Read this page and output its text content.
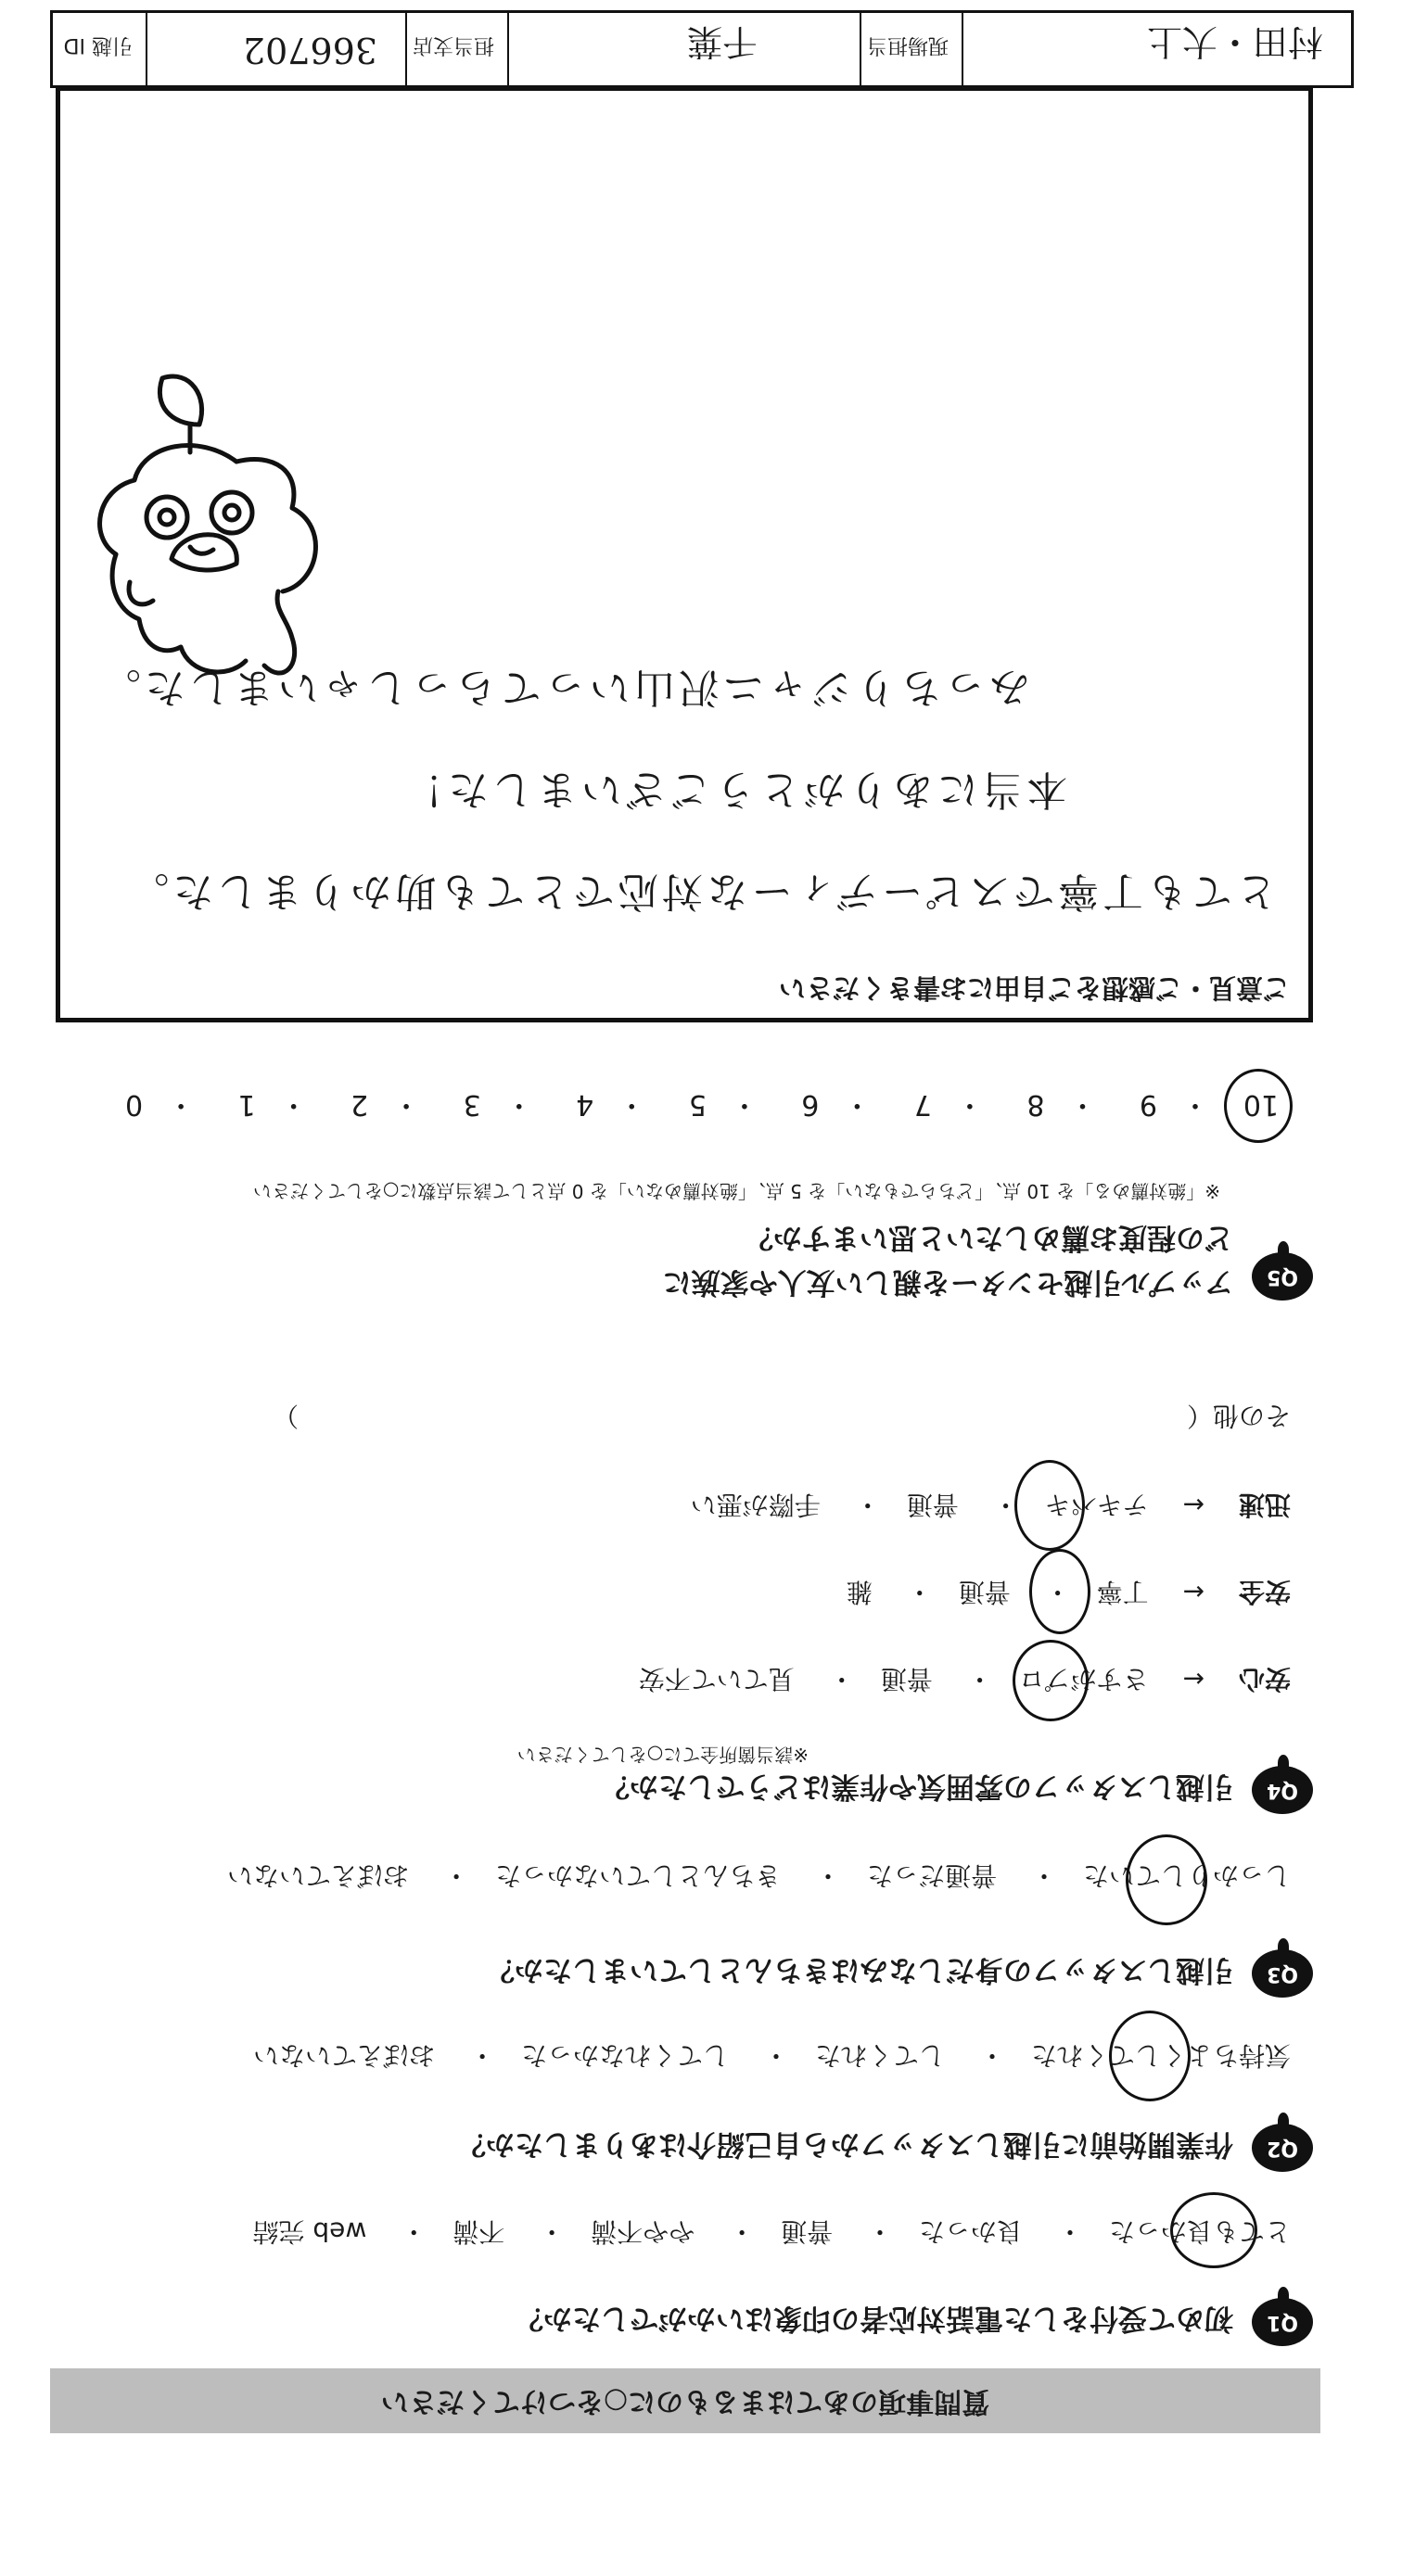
質問事項のあてはまるものに○をつけてください
Q1
初めて受付をした電話対応者の印象はいかがでしたか？
とても良かった　・　 良かった　・　 普通　・　 やや不満　・　 不満　・　 web 完結
Q2
作業開始前に引越しスタッフから自己紹介はありましたか？
気持ちよくしてくれた　・　 してくれた　・　 してくれなかった　・　 おぼえていない
Q3
引越しスタッフの身だしなみはきちんとしていましたか？
しっかりしていた　・　 普通だった　・　 きちんとしていなかった　・　 おぼえていない
Q4
引越しスタッフの雰囲気や作業はどうでしたか？
※該当箇所全てに○をしてください
安心　 ←　 さすがプロ　・　 普通　・　 見ていて不安
安全　 ←　 丁寧　・　 普通　・　 雑
迅速　 ←　 テキパキ　・　 普通　・　 手際が悪い
その他（  ）
Q5
アップル引越センターを親しい友人や家族に
どの程度お薦めしたいと思いますか？
※「絶対薦める」を 10 点、「どちらでもない」を 5 点、「絶対薦めない」を 0 点として該当点数に○をしてください
10・ 9・ 8・ 7・ 6・ 5・ 4・ 3・ 2・ 1・ 0
ご意見・ご感想をご自由にお書きください
とても丁寧でスピーディーな対応でとても助かりました。
本当にありがとうございました！
みっちりジャニ沢山いってらっしゃいました。
村田・大上
現場担当
千葉
担当支店
366702
引越 ID
